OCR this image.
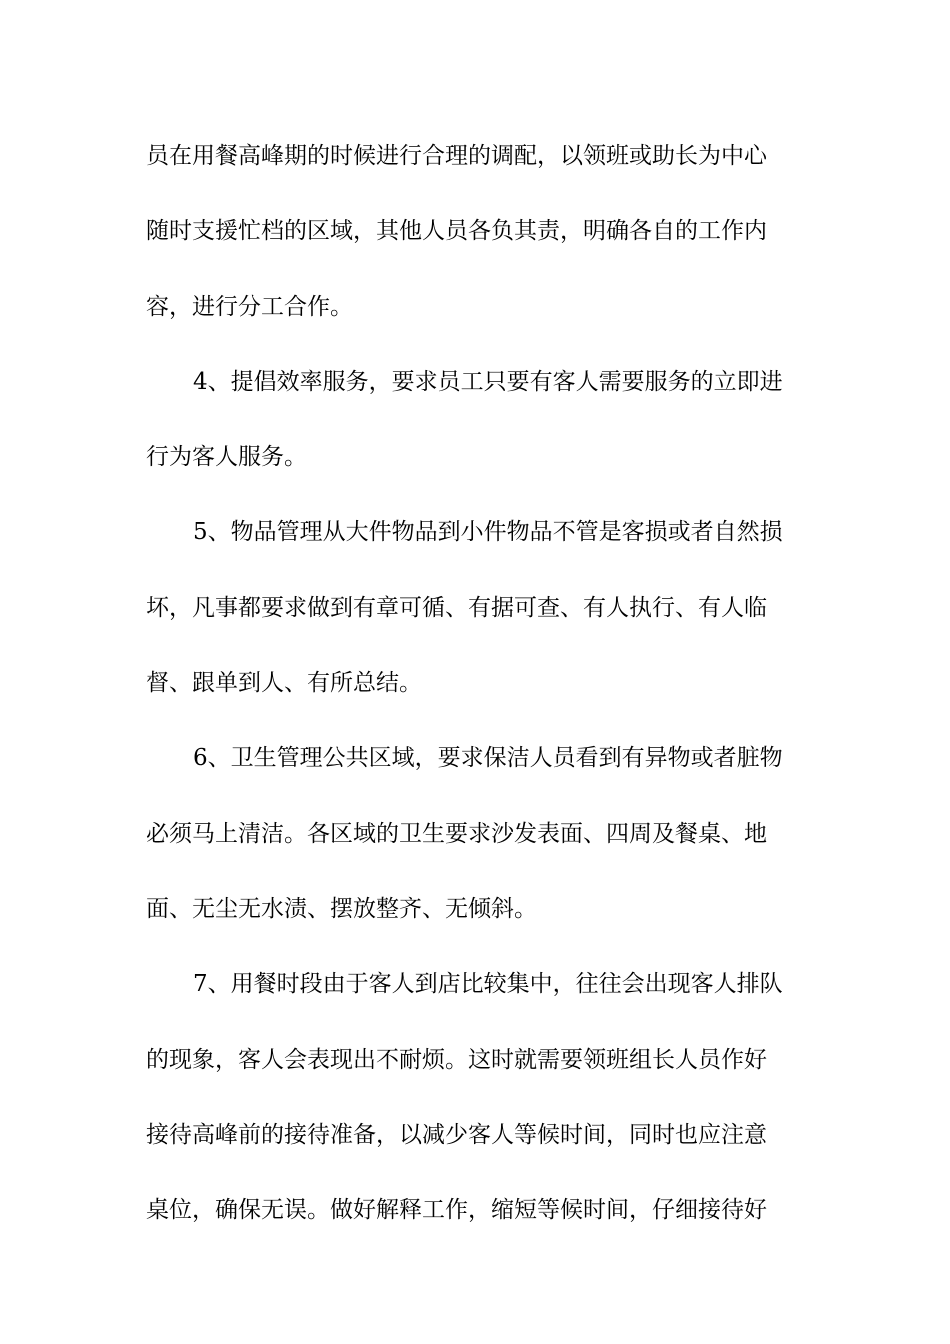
员在用餐高峰期的时候进行合理的调配，以领班或助长为中心
随时支援忙档的区域，其他人员各负其责，明确各自的工作内
容，进行分工合作。
4、提倡效率服务，要求员工只要有客人需要服务的立即进
行为客人服务。
5、物品管理从大件物品到小件物品不管是客损或者自然损
坏，凡事都要求做到有章可循、有据可查、有人执行、有人临
督、跟单到人、有所总结。
6、卫生管理公共区域，要求保洁人员看到有异物或者脏物
必须马上清洁。各区域的卫生要求沙发表面、四周及餐桌、地
面、无尘无水渍、摆放整齐、无倾斜。
7、用餐时段由于客人到店比较集中，往往会出现客人排队
的现象，客人会表现出不耐烦。这时就需要领班组长人员作好
接待高峰前的接待准备，以减少客人等候时间，同时也应注意
桌位，确保无误。做好解释工作，缩短等候时间，仔细接待好
